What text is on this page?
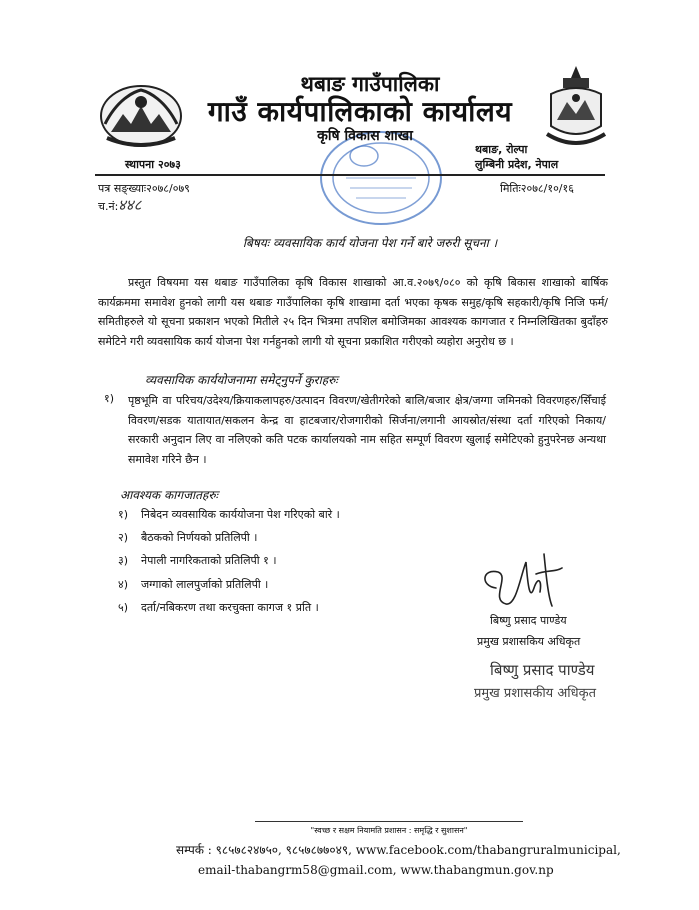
थबाङ गाउँपालिका
गाउँ कार्यपालिकाको कार्यालय
कृषि विकास शाखा
स्थापना २०७३
थबाङ, रोल्पा
लुम्बिनी प्रदेश, नेपाल
पत्र सङ्ख्याः२०७८/०७९	मितिः२०७८/१०/१६
च.नं: ४४८
बिषयः व्यवसायिक कार्य योजना पेश गर्ने बारे जरुरी सूचना ।
प्रस्तुत विषयमा यस थबाङ गाउँपालिका कृषि विकास शाखाको आ.व.२०७९/०८० को कृषि बिकास शाखाको बार्षिक कार्यक्रममा समावेश हुनको लागी यस थबाङ गाउँपालिका कृषि शाखामा दर्ता भएका कृषक समुह/कृषि सहकारी/कृषि निजि फर्म/समितीहरुले यो सूचना प्रकाशन भएको मितीले २५ दिन भित्रमा तपशिल बमोजिमका आवश्यक कागजात र निम्नलिखितका बुदाँहरु समेटिने गरी व्यवसायिक कार्य योजना पेश गर्नहुनको लागी यो सूचना प्रकाशित गरीएको व्यहोरा अनुरोध छ ।
व्यवसायिक कार्ययोजनामा समेट्नुपर्ने कुराहरुः
१) पृष्ठभूमि वा परिचय/उदेश्य/क्रियाकलापहरु/उत्पादन विवरण/खेतीगरेको बालि/बजार क्षेत्र/जग्गा जमिनको विवरणहरु/सिँचाई विवरण/सडक यातायात/सकलन केन्द्र वा हाटबजार/रोजगारीको सिर्जना/लगानी आयस्रोत/संस्था दर्ता गरिएको निकाय/सरकारी अनुदान लिए वा नलिएको कति पटक कार्यालयको नाम सहित सम्पूर्ण विवरण खुलाई समेटिएको हुनुपरेनछ अन्यथा समावेश गरिने छैन ।
आवश्यक कागजातहरुः
१) निबेदन व्यवसायिक कार्ययोजना पेश गरिएको बारे ।
२) बैठकको निर्णयको प्रतिलिपी ।
३) नेपाली नागरिकताको प्रतिलिपी १ ।
४) जग्गाको लालपुर्जाको प्रतिलिपी ।
५) दर्ता/नबिकरण तथा करचुक्ता कागज १ प्रति ।
बिष्णु प्रसाद पाण्डेय
प्रमुख प्रशासकिय अधिकृत
बिष्णु प्रसाद पाण्डेय
प्रमुख प्रशासकीय अधिकृत
"स्वच्छ र सक्षम नियामति प्रशासन : समृद्धि र सुशासन"
सम्पर्क : ९८५७८२४७५०, ९८५७८७७०४९, www.facebook.com/thabangruralmunicipal,
email-thabangrm58@gmail.com, www.thabangmun.gov.np
